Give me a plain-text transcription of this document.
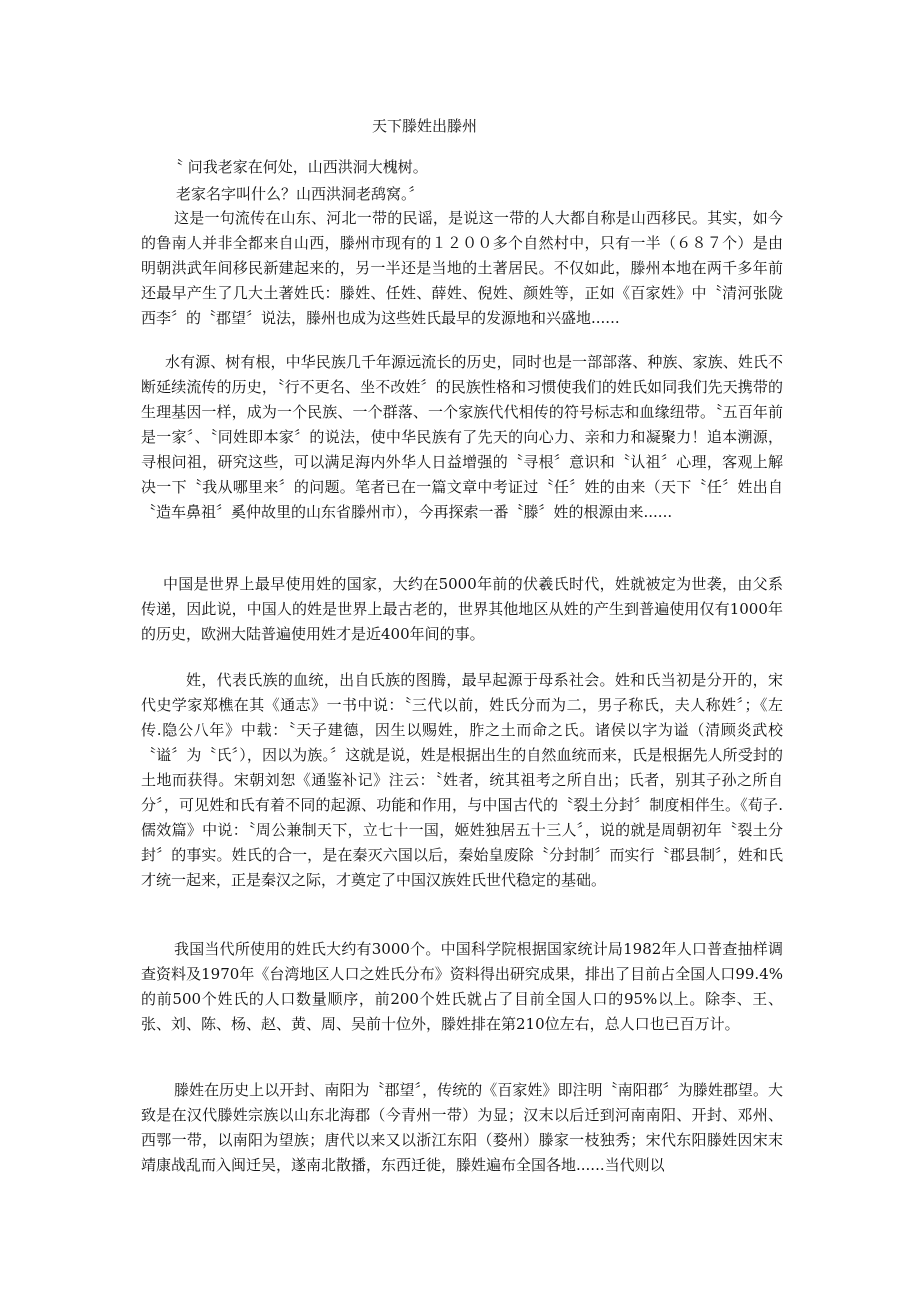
天下滕姓出滕州

〝 问我老家在何处，山西洪洞大槐树。

老家名字叫什么？山西洪洞老鸹窝。〞

这是一句流传在山东、河北一带的民谣，是说这一带的人大都自称是山西移民。其实，如今的鲁南人并非全都来自山西，滕州市现有的１２００多个自然村中，只有一半（６８７个）是由明朝洪武年间移民新建起来的，另一半还是当地的土著居民。不仅如此，滕州本地在两千多年前还最早产生了几大土著姓氏：滕姓、任姓、薛姓、倪姓、颜姓等，正如《百家姓》中〝清河张陇西李〞的〝郡望〞说法，滕州也成为这些姓氏最早的发源地和兴盛地......

水有源、树有根，中华民族几千年源远流长的历史，同时也是一部部落、种族、家族、姓氏不断延续流传的历史，〝行不更名、坐不改姓〞的民族性格和习惯使我们的姓氏如同我们先天携带的生理基因一样，成为一个民族、一个群落、一个家族代代相传的符号标志和血缘纽带。〝五百年前是一家〞、〝同姓即本家〞的说法，使中华民族有了先天的向心力、亲和力和凝聚力！追本溯源，寻根问祖，研究这些，可以满足海内外华人日益增强的〝寻根〞意识和〝认祖〞心理，客观上解决一下〝我从哪里来〞的问题。笔者已在一篇文章中考证过〝任〞姓的由来（天下〝任〞姓出自〝造车鼻祖〞奚仲故里的山东省滕州市），今再探索一番〝滕〞姓的根源由来......

中国是世界上最早使用姓的国家，大约在5000年前的伏羲氏时代，姓就被定为世袭，由父系传递，因此说，中国人的姓是世界上最古老的，世界其他地区从姓的产生到普遍使用仅有1000年的历史，欧洲大陆普遍使用姓才是近400年间的事。

姓，代表氏族的血统，出自氏族的图腾，最早起源于母系社会。姓和氏当初是分开的，宋代史学家郑樵在其《通志》一书中说：〝三代以前，姓氏分而为二，男子称氏，夫人称姓〞；《左传.隐公八年》中载：〝天子建德，因生以赐姓，胙之土而命之氏。诸侯以字为谥（清顾炎武校〝谥〞为〝氏〞），因以为族。〞这就是说，姓是根据出生的自然血统而来，氏是根据先人所受封的土地而获得。宋朝刘恕《通鉴补记》注云：〝姓者，统其祖考之所自出；氏者，别其子孙之所自分〞，可见姓和氏有着不同的起源、功能和作用，与中国古代的〝裂土分封〞制度相伴生。《荀子.儒效篇》中说：〝周公兼制天下，立七十一国，姬姓独居五十三人〞，说的就是周朝初年〝裂土分封〞的事实。姓氏的合一，是在秦灭六国以后，秦始皇废除〝分封制〞而实行〝郡县制〞，姓和氏才统一起来，正是秦汉之际，才奠定了中国汉族姓氏世代稳定的基础。

我国当代所使用的姓氏大约有3000个。中国科学院根据国家统计局1982年人口普查抽样调查资料及1970年《台湾地区人口之姓氏分布》资料得出研究成果，排出了目前占全国人口99.4%的前500个姓氏的人口数量顺序，前200个姓氏就占了目前全国人口的95%以上。除李、王、张、刘、陈、杨、赵、黄、周、吴前十位外，滕姓排在第210位左右，总人口也已百万计。

滕姓在历史上以开封、南阳为〝郡望〞，传统的《百家姓》即注明〝南阳郡〞为滕姓郡望。大致是在汉代滕姓宗族以山东北海郡（今青州一带）为显；汉末以后迁到河南南阳、开封、邓州、西鄂一带，以南阳为望族；唐代以来又以浙江东阳（婺州）滕家一枝独秀；宋代东阳滕姓因宋末靖康战乱而入闽迁吴，遂南北散播，东西迁徙，滕姓遍布全国各地......当代则以
